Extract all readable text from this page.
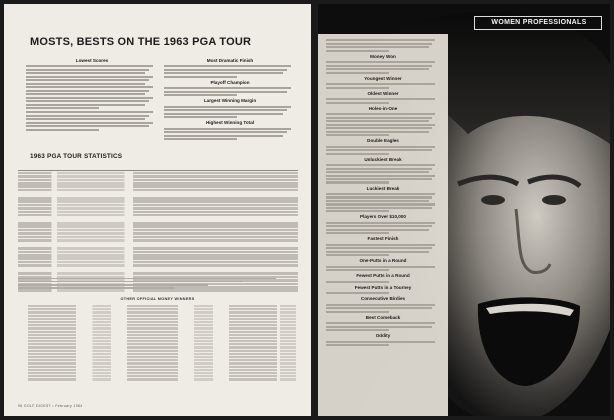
MOSTS, BESTS ON THE 1963 PGA TOUR
Lowest Scores	Most Dramatic Finish
Playoff Champion
Largest Winning Margin
Highest Winning Total
1963 PGA TOUR STATISTICS
OTHER OFFICIAL MONEY WINNERS
96 GOLF DIGEST • February 1964
WOMEN PROFESSIONALS
Money Won
Youngest Winner
Oldest Winner
Holes-in-One
Double Eagles
Unluckiest Break
Luckiest Break
Players Over $10,000
Fastest Finish
One-Putts in a Round
Fewest Putts in a Round
Fewest Putts in a Tourney
Consecutive Birdies
Best Comeback
Oddity
